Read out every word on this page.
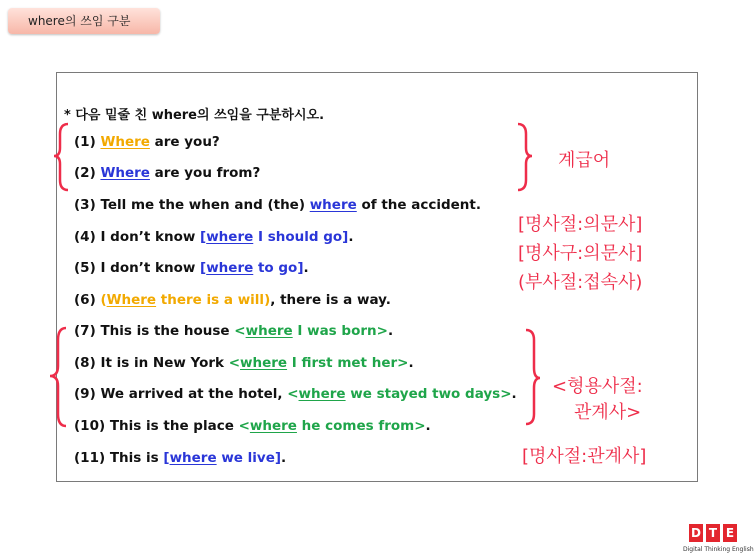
where의 쓰임 구분
* 다음 밑줄 친 where의 쓰임을 구분하시오.
(1) Where are you?
(2) Where are you from?
(3) Tell me the when and (the) where of the accident.
(4) I don’t know [where I should go].
(5) I don’t know [where to go].
(6) (Where there is a will), there is a way.
(7) This is the house <where I was born>.
(8) It is in New York <where I first met her>.
(9) We arrived at the hotel, <where we stayed two days>.
(10) This is the place <where he comes from>.
(11) This is [where we live].
계급어
[명사절:의문사]
[명사구:의문사]
(부사절:접속사)
<형용사절:
관계사>
[명사절:관계사]
D T E
Digital Thinking English
